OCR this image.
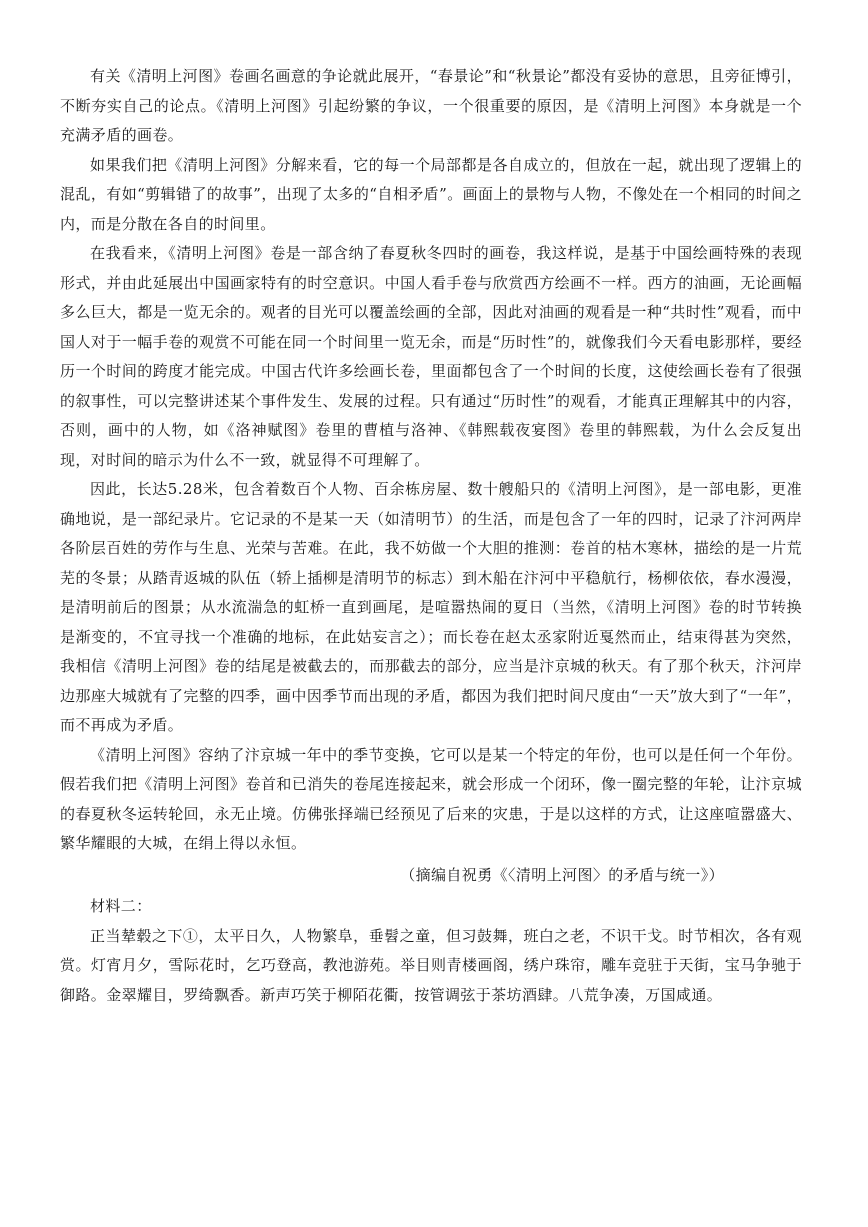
有关《清明上河图》卷画名画意的争论就此展开，“春景论”和“秋景论”都没有妥协的意思，且旁征博引，不断夯实自己的论点。《清明上河图》引起纷繁的争议，一个很重要的原因，是《清明上河图》本身就是一个充满矛盾的画卷。

如果我们把《清明上河图》分解来看，它的每一个局部都是各自成立的，但放在一起，就出现了逻辑上的混乱，有如“剪辑错了的故事”，出现了太多的“自相矛盾”。画面上的景物与人物，不像处在一个相同的时间之内，而是分散在各自的时间里。

在我看来，《清明上河图》卷是一部含纳了春夏秋冬四时的画卷，我这样说，是基于中国绘画特殊的表现形式，并由此延展出中国画家特有的时空意识。中国人看手卷与欣赏西方绘画不一样。西方的油画，无论画幅多么巨大，都是一览无余的。观者的目光可以覆盖绘画的全部，因此对油画的观看是一种“共时性”观看，而中国人对于一幅手卷的观赏不可能在同一个时间里一览无余，而是“历时性”的，就像我们今天看电影那样，要经历一个时间的跨度才能完成。中国古代许多绘画长卷，里面都包含了一个时间的长度，这使绘画长卷有了很强的叙事性，可以完整讲述某个事件发生、发展的过程。只有通过“历时性”的观看，才能真正理解其中的内容，否则，画中的人物，如《洛神赋图》卷里的曹植与洛神、《韩熙载夜宴图》卷里的韩熙载，为什么会反复出现，对时间的暗示为什么不一致，就显得不可理解了。

因此，长达5.28米，包含着数百个人物、百余栋房屋、数十艘船只的《清明上河图》，是一部电影，更准确地说，是一部纪录片。它记录的不是某一天（如清明节）的生活，而是包含了一年的四时，记录了汴河两岸各阶层百姓的劳作与生息、光荣与苦难。在此，我不妨做一个大胆的推测：卷首的枯木寒林，描绘的是一片荒芜的冬景；从踏青返城的队伍（轿上插柳是清明节的标志）到木船在汴河中平稳航行，杨柳依依，春水漫漫，是清明前后的图景；从水流湍急的虹桥一直到画尾，是喧嚣热闹的夏日（当然，《清明上河图》卷的时节转换是渐变的，不宜寻找一个准确的地标，在此姑妄言之）；而长卷在赵太丞家附近戛然而止，结束得甚为突然，我相信《清明上河图》卷的结尾是被截去的，而那截去的部分，应当是汴京城的秋天。有了那个秋天，汴河岸边那座大城就有了完整的四季，画中因季节而出现的矛盾，都因为我们把时间尺度由“一天”放大到了“一年”，而不再成为矛盾。

《清明上河图》容纳了汴京城一年中的季节变换，它可以是某一个特定的年份，也可以是任何一个年份。假若我们把《清明上河图》卷首和已消失的卷尾连接起来，就会形成一个闭环，像一圈完整的年轮，让汴京城的春夏秋冬运转轮回，永无止境。仿佛张择端已经预见了后来的灾患，于是以这样的方式，让这座喧嚣盛大、繁华耀眼的大城，在绢上得以永恒。

（摘编自祝勇《〈清明上河图〉的矛盾与统一》）

材料二：

正当辇毂之下①，太平日久，人物繁阜，垂髫之童，但习鼓舞，班白之老，不识干戈。时节相次，各有观赏。灯宵月夕，雪际花时，乞巧登高，教池游苑。举目则青楼画阁，绣户珠帘，雕车竞驻于天街，宝马争驰于御路。金翠耀目，罗绮飘香。新声巧笑于柳陌花衢，按管调弦于茶坊酒肆。八荒争凑，万国咸通。
